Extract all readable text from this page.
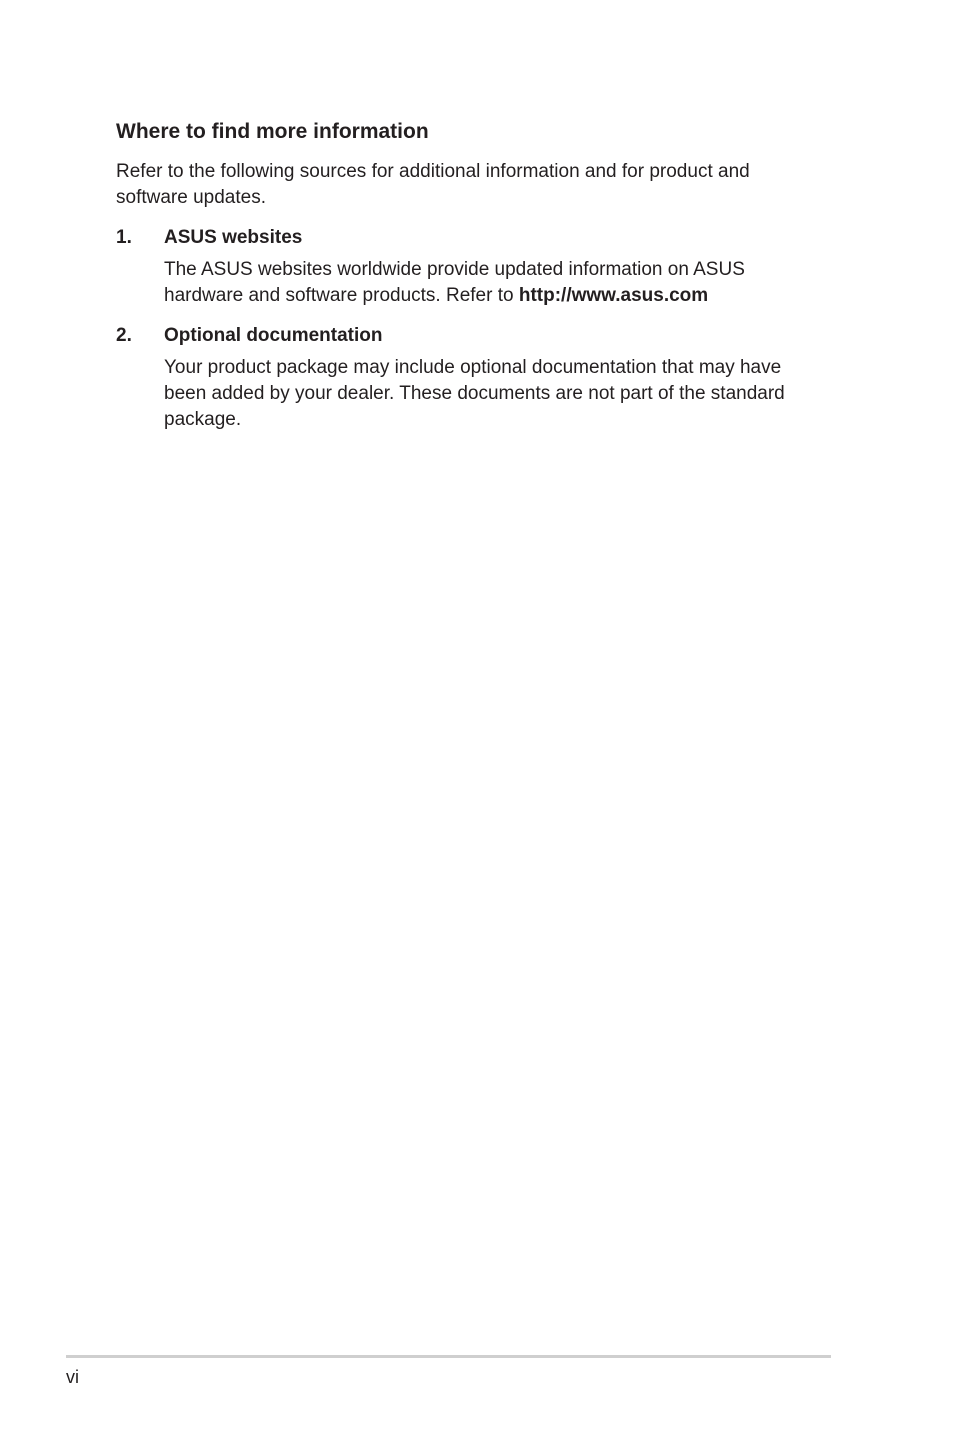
Where to find more information

Refer to the following sources for additional information and for product and software updates.

1. ASUS websites

The ASUS websites worldwide provide updated information on ASUS hardware and software products. Refer to http://www.asus.com

2. Optional documentation

Your product package may include optional documentation that may have been added by your dealer. These documents are not part of the standard package.

vi
